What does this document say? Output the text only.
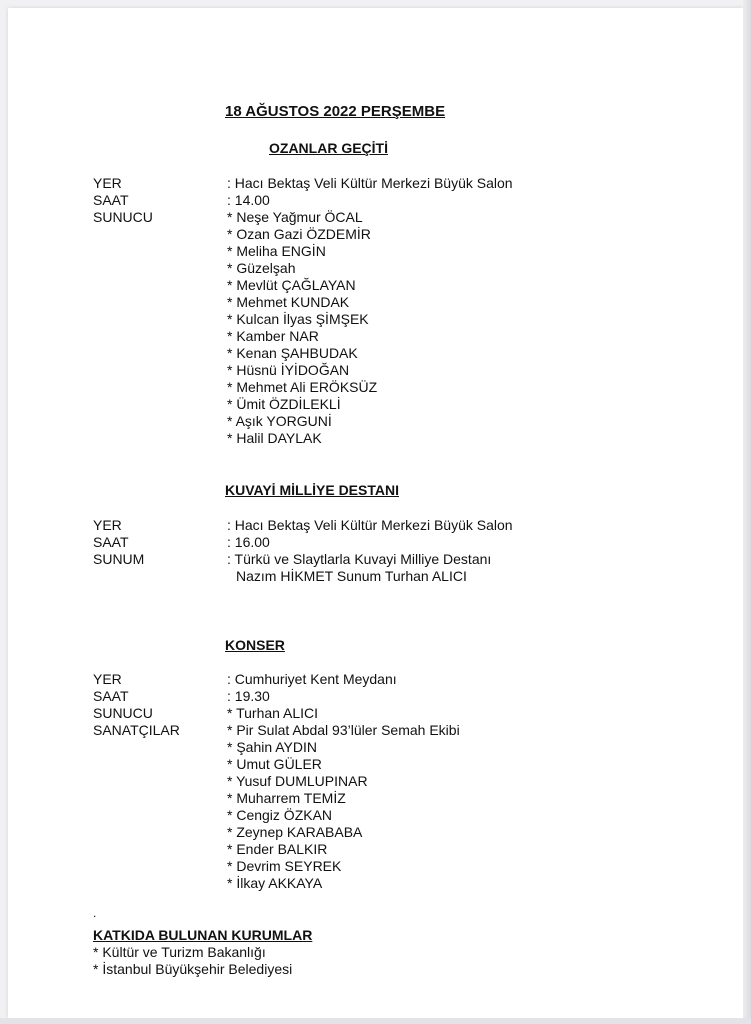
18 AĞUSTOS 2022 PERŞEMBE
OZANLAR GEÇİTİ
YER	: Hacı Bektaş Veli Kültür Merkezi Büyük Salon
SAAT	: 14.00
SUNUCU	* Neşe Yağmur ÖCAL
* Ozan Gazi ÖZDEMİR
* Meliha ENGİN
* Güzelşah
* Mevlüt ÇAĞLAYAN
* Mehmet KUNDAK
* Kulcan İlyas ŞİMŞEK
* Kamber NAR
* Kenan ŞAHBUDAK
* Hüsnü İYİDOĞAN
* Mehmet Ali ERÖKSÜZ
* Ümit ÖZDİLEKLİ
* Aşık YORGUNİ
* Halil DAYLAK
KUVAYİ MİLLİYE DESTANI
YER	: Hacı Bektaş Veli Kültür Merkezi Büyük Salon
SAAT	: 16.00
SUNUM	: Türkü ve Slaytlarla Kuvayi Milliye Destanı
Nazım HİKMET Sunum Turhan ALICI
KONSER
YER	: Cumhuriyet Kent Meydanı
SAAT	: 19.30
SUNUCU	* Turhan ALICI
SANATÇILAR	* Pir Sulat Abdal 93’lüler Semah Ekibi
* Şahin AYDIN
* Umut GÜLER
* Yusuf DUMLUPINAR
* Muharrem TEMİZ
* Cengiz ÖZKAN
* Zeynep KARABABA
* Ender BALKIR
* Devrim SEYREK
* İlkay AKKAYA
.
KATKIDA BULUNAN KURUMLAR
* Kültür ve Turizm Bakanlığı
* İstanbul Büyükşehir Belediyesi
